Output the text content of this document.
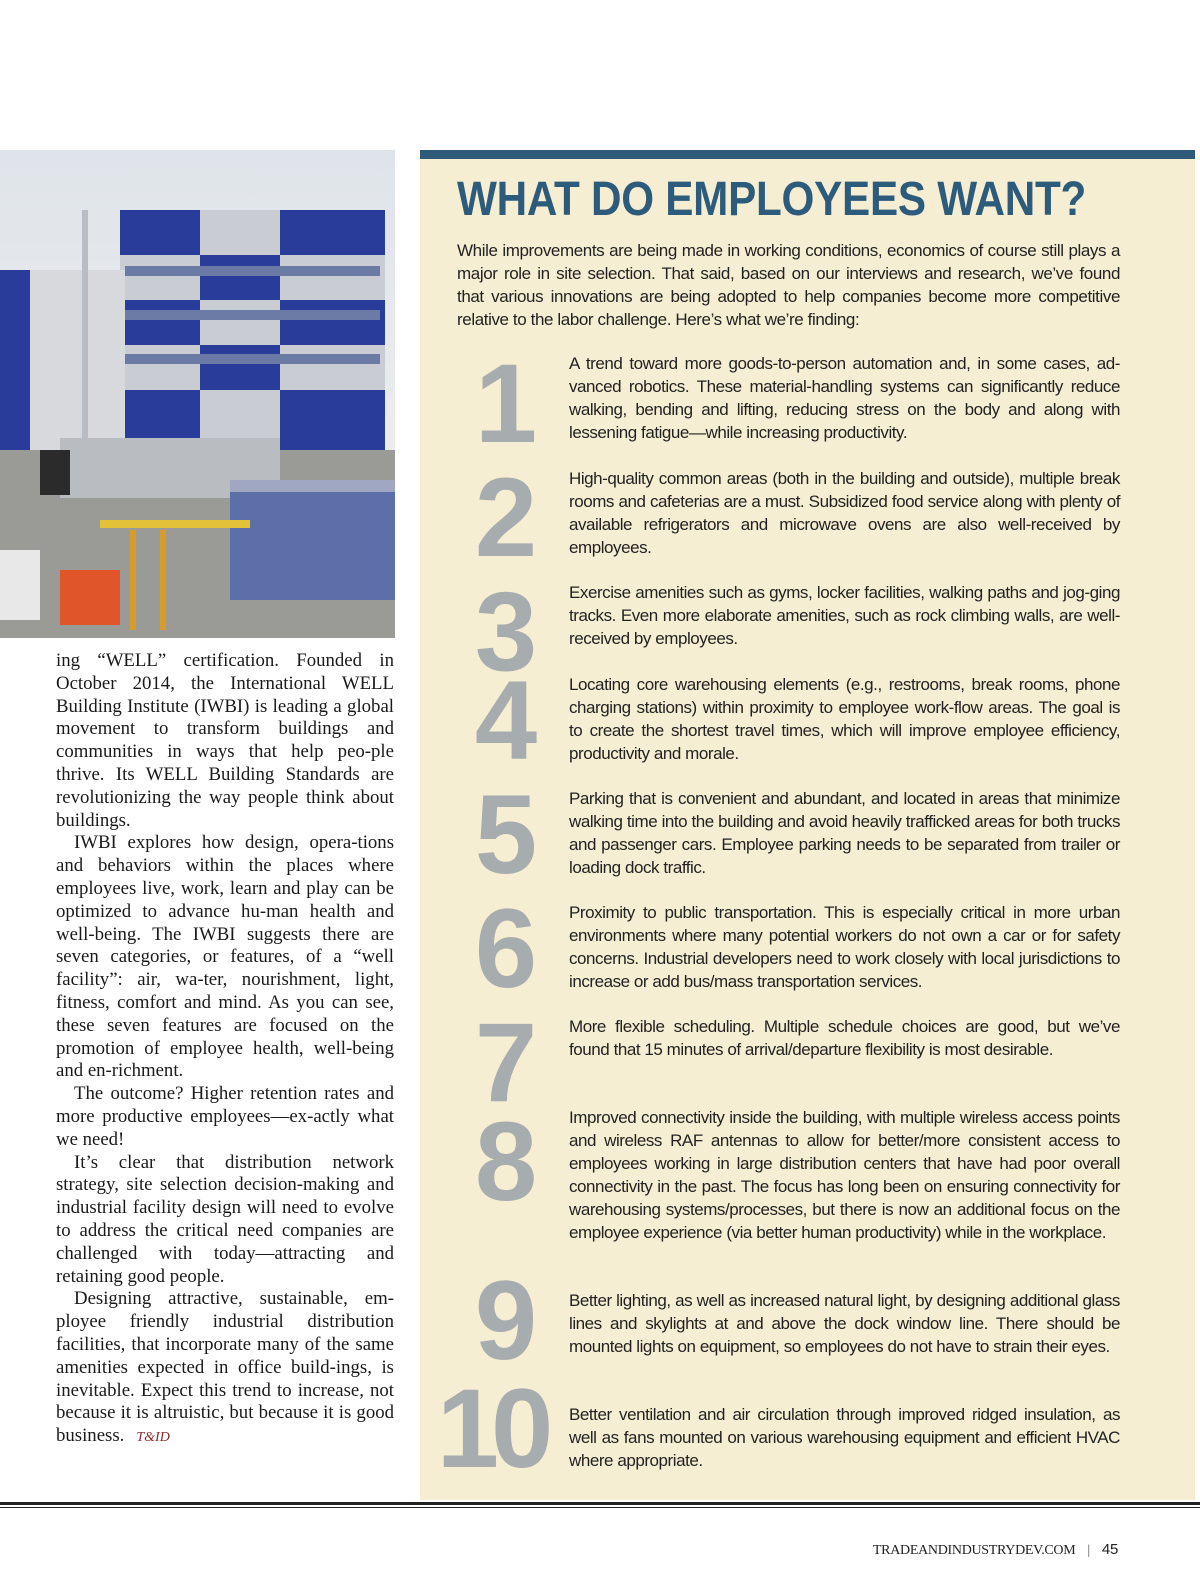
ing “WELL” certification. Founded in October 2014, the International WELL Building Institute (IWBI) is leading a global movement to transform buildings and communities in ways that help peo-ple thrive. Its WELL Building Standards are revolutionizing the way people think about buildings.

IWBI explores how design, opera-tions and behaviors within the places where employees live, work, learn and play can be optimized to advance hu-man health and well-being. The IWBI suggests there are seven categories, or features, of a “well facility”: air, wa-ter, nourishment, light, fitness, comfort and mind. As you can see, these seven features are focused on the promotion of employee health, well-being and en-richment.

The outcome? Higher retention rates and more productive employees—ex-actly what we need!

It’s clear that distribution network strategy, site selection decision-making and industrial facility design will need to evolve to address the critical need companies are challenged with today—attracting and retaining good people.

Designing attractive, sustainable, em-ployee friendly industrial distribution facilities, that incorporate many of the same amenities expected in office build-ings, is inevitable. Expect this trend to increase, not because it is altruistic, but because it is good business. T&ID

WHAT DO EMPLOYEES WANT?
While improvements are being made in working conditions, economics of course still plays a major role in site selection. That said, based on our interviews and research, we’ve found that various innovations are being adopted to help companies become more competitive relative to the labor challenge. Here’s what we’re finding:
1	A trend toward more goods-to-person automation and, in some cases, ad-vanced robotics. These material-handling systems can significantly reduce walking, bending and lifting, reducing stress on the body and along with lessening fatigue—while increasing productivity.
2	High-quality common areas (both in the building and outside), multiple break rooms and cafeterias are a must. Subsidized food service along with plenty of available refrigerators and microwave ovens are also well-received by employees.
3	Exercise amenities such as gyms, locker facilities, walking paths and jog-ging tracks. Even more elaborate amenities, such as rock climbing walls, are well-received by employees.
4	Locating core warehousing elements (e.g., restrooms, break rooms, phone charging stations) within proximity to employee work-flow areas. The goal is to create the shortest travel times, which will improve employee efficiency, productivity and morale.
5	Parking that is convenient and abundant, and located in areas that minimize walking time into the building and avoid heavily trafficked areas for both trucks and passenger cars. Employee parking needs to be separated from trailer or loading dock traffic.
6	Proximity to public transportation. This is especially critical in more urban environments where many potential workers do not own a car or for safety concerns. Industrial developers need to work closely with local jurisdictions to increase or add bus/mass transportation services.
7	More flexible scheduling. Multiple schedule choices are good, but we’ve found that 15 minutes of arrival/departure flexibility is most desirable.
8	Improved connectivity inside the building, with multiple wireless access points and wireless RAF antennas to allow for better/more consistent access to employees working in large distribution centers that have had poor overall connectivity in the past. The focus has long been on ensuring connectivity for warehousing systems/processes, but there is now an additional focus on the employee experience (via better human productivity) while in the workplace.
9	Better lighting, as well as increased natural light, by designing additional glass lines and skylights at and above the dock window line. There should be mounted lights on equipment, so employees do not have to strain their eyes.
10	Better ventilation and air circulation through improved ridged insulation, as well as fans mounted on various warehousing equipment and efficient HVAC where appropriate.
TRADEANDINDUSTRYDEV.COM | 45
